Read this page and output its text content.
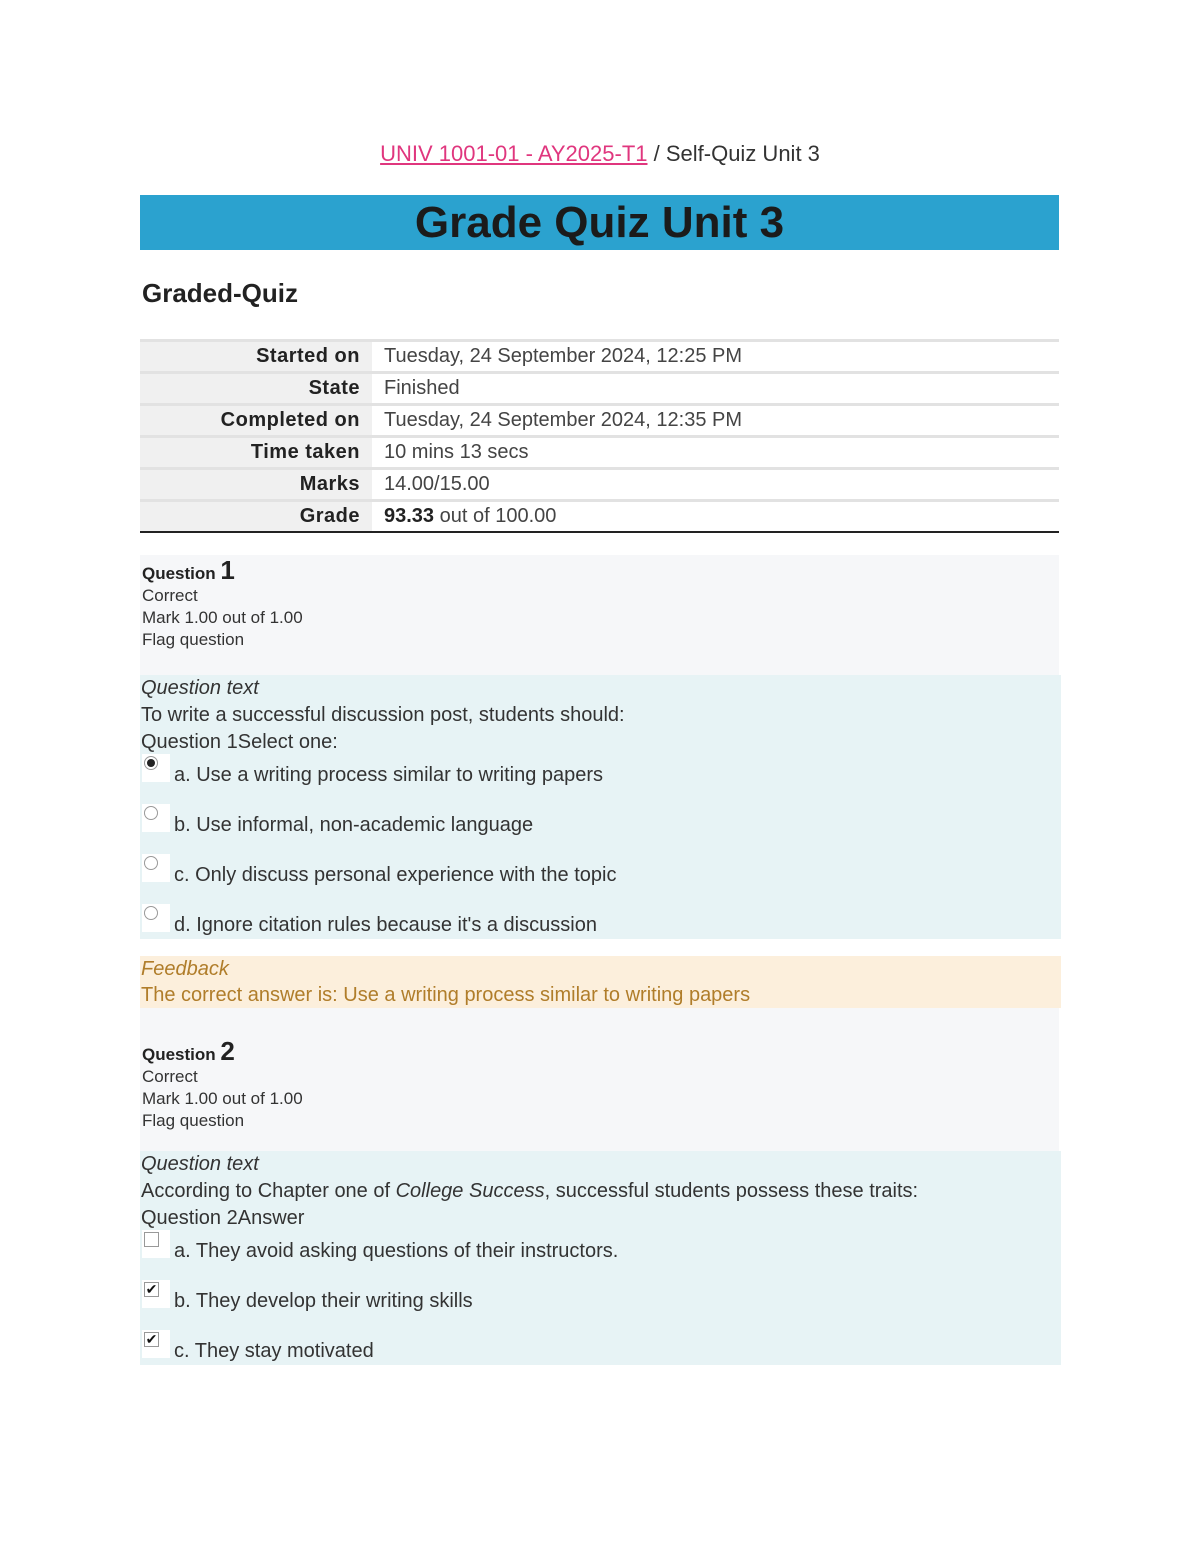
UNIV 1001-01 - AY2025-T1 / Self-Quiz Unit 3
Grade Quiz Unit 3
Graded-Quiz
Started on	Tuesday, 24 September 2024, 12:25 PM
State	Finished
Completed on	Tuesday, 24 September 2024, 12:35 PM
Time taken	10 mins 13 secs
Marks	14.00/15.00
Grade	93.33 out of 100.00
Question 1
Correct
Mark 1.00 out of 1.00
Flag question
Question text
To write a successful discussion post, students should:
Question 1Select one:
a. Use a writing process similar to writing papers
b. Use informal, non-academic language
c. Only discuss personal experience with the topic
d. Ignore citation rules because it's a discussion
Feedback
The correct answer is: Use a writing process similar to writing papers
Question 2
Correct
Mark 1.00 out of 1.00
Flag question
Question text
According to Chapter one of College Success, successful students possess these traits:
Question 2Answer
a. They avoid asking questions of their instructors.
✔
b. They develop their writing skills
✔
c. They stay motivated
